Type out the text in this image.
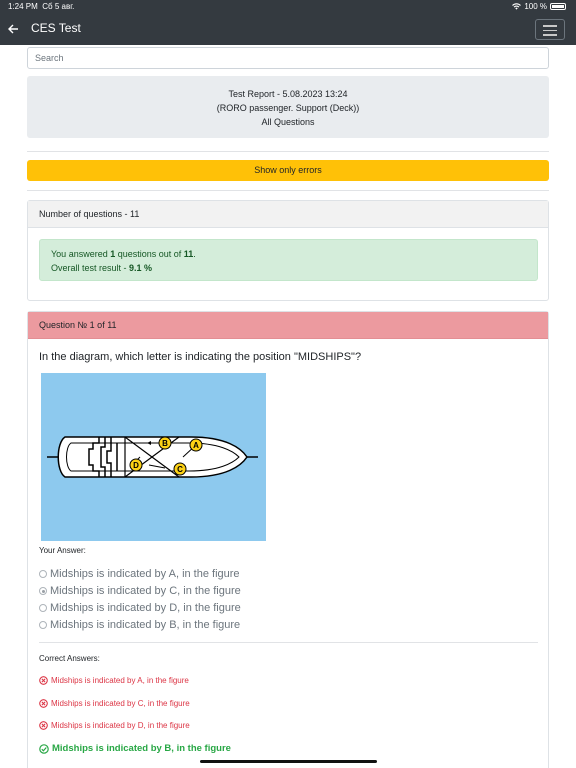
1:24 PM Сб 5 авг.	100 %
CES Test
Search
Test Report - 5.08.2023 13:24
(RORO passenger. Support (Deck))
All Questions
Show only errors
Number of questions - 11
You answered 1 questions out of 11.
Overall test result - 9.1 %
Question № 1 of 11
In the diagram, which letter is indicating the position "MIDSHIPS"?
B	A
D	C
Your Answer:
Midships is indicated by A, in the figure
Midships is indicated by C, in the figure
Midships is indicated by D, in the figure
Midships is indicated by B, in the figure
Correct Answers:
Midships is indicated by A, in the figure
Midships is indicated by C, in the figure
Midships is indicated by D, in the figure
Midships is indicated by B, in the figure
